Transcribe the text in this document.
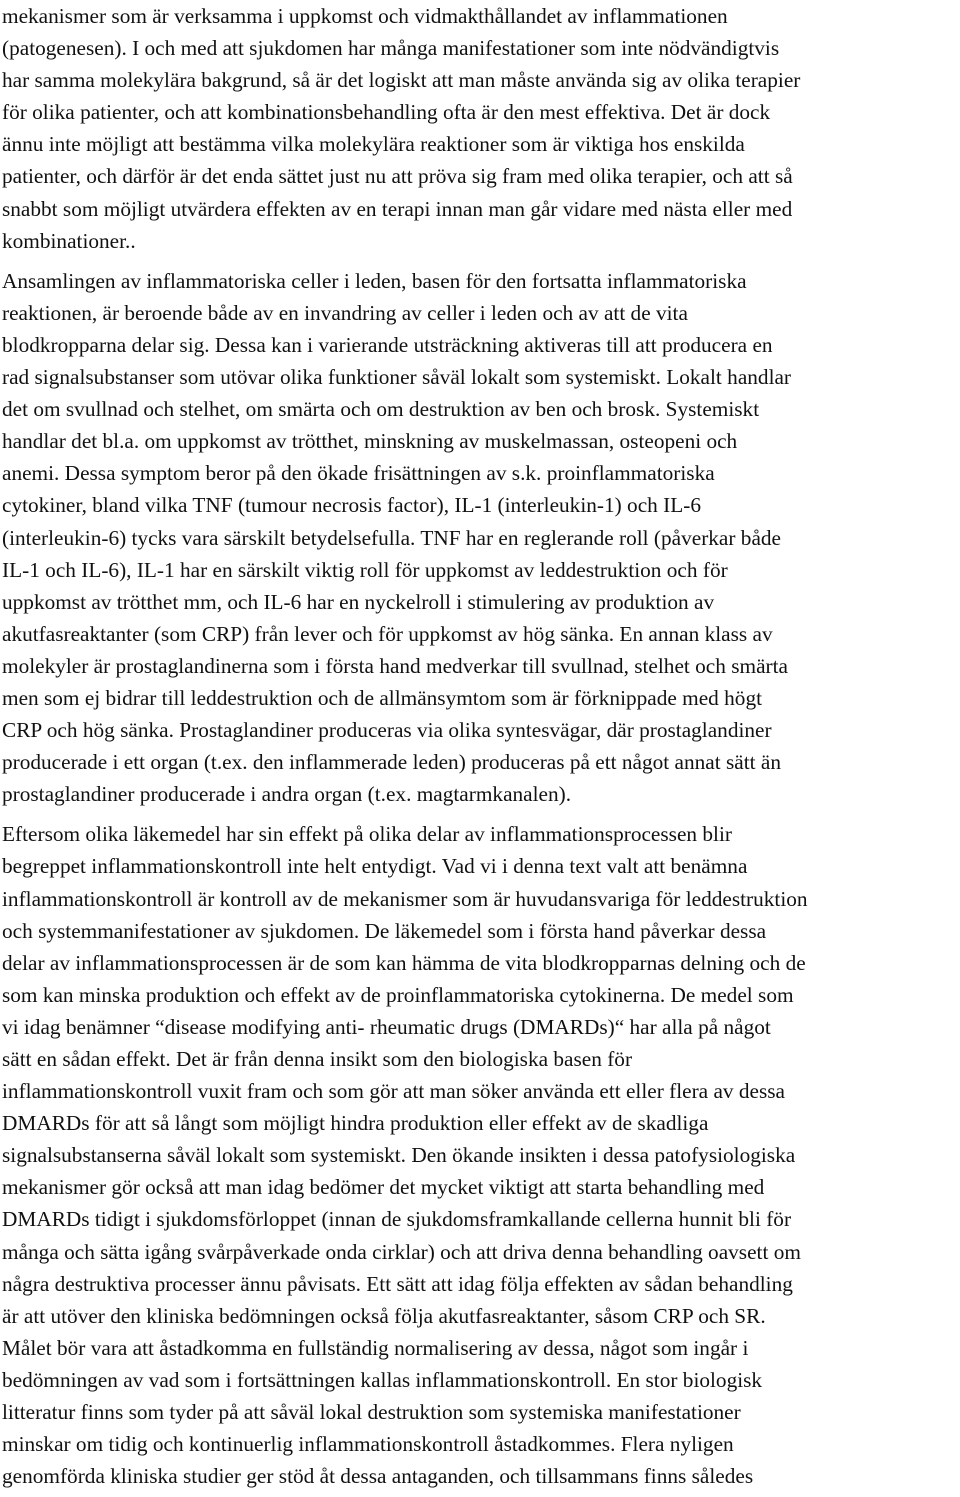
mekanismer som är verksamma i uppkomst och vidmakthållandet av inflammationen
(patogenesen). I och med att sjukdomen har många manifestationer som inte nödvändigtvis
har samma molekylära bakgrund, så är det logiskt att man måste använda sig av olika terapier
för olika patienter, och att kombinationsbehandling ofta är den mest effektiva. Det är dock
ännu inte möjligt att bestämma vilka molekylära reaktioner som är viktiga hos enskilda
patienter, och därför är det enda sättet just nu att pröva sig fram med olika terapier, och att så
snabbt som möjligt utvärdera effekten av en terapi innan man går vidare med nästa eller med
kombinationer..
Ansamlingen av inflammatoriska celler i leden, basen för den fortsatta inflammatoriska
reaktionen, är beroende både av en invandring av celler i leden och av att de vita
blodkropparna delar sig. Dessa kan i varierande utsträckning aktiveras till att producera en
rad signalsubstanser som utövar olika funktioner såväl lokalt som systemiskt. Lokalt handlar
det om svullnad och stelhet, om smärta och om destruktion av ben och brosk. Systemiskt
handlar det bl.a. om uppkomst av trötthet, minskning av muskelmassan, osteopeni och
anemi. Dessa symptom beror på den ökade frisättningen av s.k. proinflammatoriska
cytokiner, bland vilka TNF (tumour necrosis factor), IL-1 (interleukin-1) och IL-6
(interleukin-6) tycks vara särskilt betydelsefulla. TNF har en reglerande roll (påverkar både
IL-1 och IL-6), IL-1 har en särskilt viktig roll för uppkomst av leddestruktion och för
uppkomst av trötthet mm, och IL-6 har en nyckelroll i stimulering av produktion av
akutfasreaktanter (som CRP) från lever och för uppkomst av hög sänka. En annan klass av
molekyler är prostaglandinerna som i första hand medverkar till svullnad, stelhet och smärta
men som ej bidrar till leddestruktion och de allmänsymtom som är förknippade med högt
CRP och hög sänka. Prostaglandiner produceras via olika syntesvägar, där prostaglandiner
producerade i ett organ (t.ex. den inflammerade leden) produceras på ett något annat sätt än
prostaglandiner producerade i andra organ (t.ex. magtarmkanalen).
Eftersom olika läkemedel har sin effekt på olika delar av inflammationsprocessen blir
begreppet inflammationskontroll inte helt entydigt. Vad vi i denna text valt att benämna
inflammationskontroll är kontroll av de mekanismer som är huvudansvariga för leddestruktion
och systemmanifestationer av sjukdomen. De läkemedel som i första hand påverkar dessa
delar av inflammationsprocessen är de som kan hämma de vita blodkropparnas delning och de
som kan minska produktion och effekt av de proinflammatoriska cytokinerna. De medel som
vi idag benämner “disease modifying anti- rheumatic drugs (DMARDs)“ har alla på något
sätt en sådan effekt. Det är från denna insikt som den biologiska basen för
inflammationskontroll vuxit fram och som gör att man söker använda ett eller flera av dessa
DMARDs för att så långt som möjligt hindra produktion eller effekt av de skadliga
signalsubstanserna såväl lokalt som systemiskt. Den ökande insikten i dessa patofysiologiska
mekanismer gör också att man idag bedömer det mycket viktigt att starta behandling med
DMARDs tidigt i sjukdomsförloppet (innan de sjukdomsframkallande cellerna hunnit bli för
många och sätta igång svårpåverkade onda cirklar) och att driva denna behandling oavsett om
några destruktiva processer ännu påvisats. Ett sätt att idag följa effekten av sådan behandling
är att utöver den kliniska bedömningen också följa akutfasreaktanter, såsom CRP och SR.
Målet bör vara att åstadkomma en fullständig normalisering av dessa, något som ingår i
bedömningen av vad som i fortsättningen kallas inflammationskontroll. En stor biologisk
litteratur finns som tyder på att såväl lokal destruktion som systemiska manifestationer
minskar om tidig och kontinuerlig inflammationskontroll åstadkommes. Flera nyligen
genomförda kliniska studier ger stöd åt dessa antaganden, och tillsammans finns således
